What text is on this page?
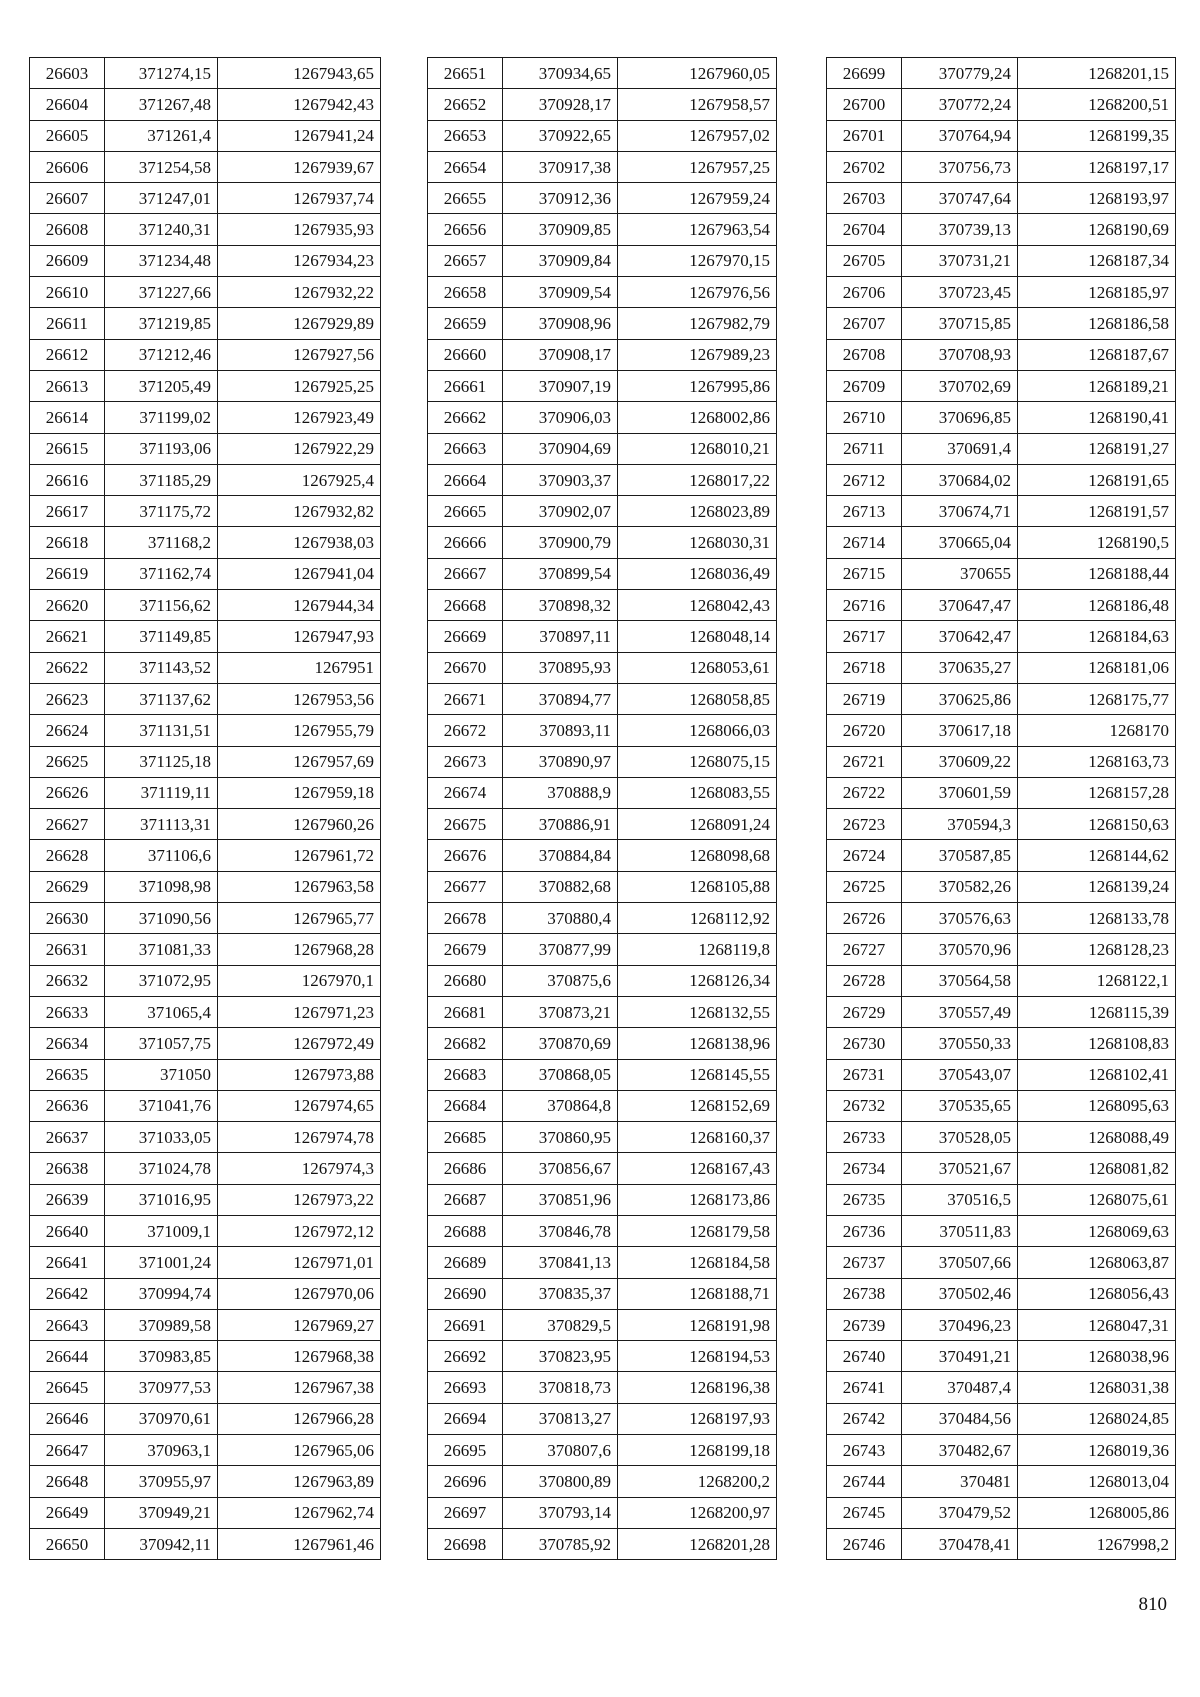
26603	371274,15	1267943,65
26604	371267,48	1267942,43
26605	371261,4	1267941,24
26606	371254,58	1267939,67
26607	371247,01	1267937,74
26608	371240,31	1267935,93
26609	371234,48	1267934,23
26610	371227,66	1267932,22
26611	371219,85	1267929,89
26612	371212,46	1267927,56
26613	371205,49	1267925,25
26614	371199,02	1267923,49
26615	371193,06	1267922,29
26616	371185,29	1267925,4
26617	371175,72	1267932,82
26618	371168,2	1267938,03
26619	371162,74	1267941,04
26620	371156,62	1267944,34
26621	371149,85	1267947,93
26622	371143,52	1267951
26623	371137,62	1267953,56
26624	371131,51	1267955,79
26625	371125,18	1267957,69
26626	371119,11	1267959,18
26627	371113,31	1267960,26
26628	371106,6	1267961,72
26629	371098,98	1267963,58
26630	371090,56	1267965,77
26631	371081,33	1267968,28
26632	371072,95	1267970,1
26633	371065,4	1267971,23
26634	371057,75	1267972,49
26635	371050	1267973,88
26636	371041,76	1267974,65
26637	371033,05	1267974,78
26638	371024,78	1267974,3
26639	371016,95	1267973,22
26640	371009,1	1267972,12
26641	371001,24	1267971,01
26642	370994,74	1267970,06
26643	370989,58	1267969,27
26644	370983,85	1267968,38
26645	370977,53	1267967,38
26646	370970,61	1267966,28
26647	370963,1	1267965,06
26648	370955,97	1267963,89
26649	370949,21	1267962,74
26650	370942,11	1267961,46
26651	370934,65	1267960,05
26652	370928,17	1267958,57
26653	370922,65	1267957,02
26654	370917,38	1267957,25
26655	370912,36	1267959,24
26656	370909,85	1267963,54
26657	370909,84	1267970,15
26658	370909,54	1267976,56
26659	370908,96	1267982,79
26660	370908,17	1267989,23
26661	370907,19	1267995,86
26662	370906,03	1268002,86
26663	370904,69	1268010,21
26664	370903,37	1268017,22
26665	370902,07	1268023,89
26666	370900,79	1268030,31
26667	370899,54	1268036,49
26668	370898,32	1268042,43
26669	370897,11	1268048,14
26670	370895,93	1268053,61
26671	370894,77	1268058,85
26672	370893,11	1268066,03
26673	370890,97	1268075,15
26674	370888,9	1268083,55
26675	370886,91	1268091,24
26676	370884,84	1268098,68
26677	370882,68	1268105,88
26678	370880,4	1268112,92
26679	370877,99	1268119,8
26680	370875,6	1268126,34
26681	370873,21	1268132,55
26682	370870,69	1268138,96
26683	370868,05	1268145,55
26684	370864,8	1268152,69
26685	370860,95	1268160,37
26686	370856,67	1268167,43
26687	370851,96	1268173,86
26688	370846,78	1268179,58
26689	370841,13	1268184,58
26690	370835,37	1268188,71
26691	370829,5	1268191,98
26692	370823,95	1268194,53
26693	370818,73	1268196,38
26694	370813,27	1268197,93
26695	370807,6	1268199,18
26696	370800,89	1268200,2
26697	370793,14	1268200,97
26698	370785,92	1268201,28
26699	370779,24	1268201,15
26700	370772,24	1268200,51
26701	370764,94	1268199,35
26702	370756,73	1268197,17
26703	370747,64	1268193,97
26704	370739,13	1268190,69
26705	370731,21	1268187,34
26706	370723,45	1268185,97
26707	370715,85	1268186,58
26708	370708,93	1268187,67
26709	370702,69	1268189,21
26710	370696,85	1268190,41
26711	370691,4	1268191,27
26712	370684,02	1268191,65
26713	370674,71	1268191,57
26714	370665,04	1268190,5
26715	370655	1268188,44
26716	370647,47	1268186,48
26717	370642,47	1268184,63
26718	370635,27	1268181,06
26719	370625,86	1268175,77
26720	370617,18	1268170
26721	370609,22	1268163,73
26722	370601,59	1268157,28
26723	370594,3	1268150,63
26724	370587,85	1268144,62
26725	370582,26	1268139,24
26726	370576,63	1268133,78
26727	370570,96	1268128,23
26728	370564,58	1268122,1
26729	370557,49	1268115,39
26730	370550,33	1268108,83
26731	370543,07	1268102,41
26732	370535,65	1268095,63
26733	370528,05	1268088,49
26734	370521,67	1268081,82
26735	370516,5	1268075,61
26736	370511,83	1268069,63
26737	370507,66	1268063,87
26738	370502,46	1268056,43
26739	370496,23	1268047,31
26740	370491,21	1268038,96
26741	370487,4	1268031,38
26742	370484,56	1268024,85
26743	370482,67	1268019,36
26744	370481	1268013,04
26745	370479,52	1268005,86
26746	370478,41	1267998,2
810
